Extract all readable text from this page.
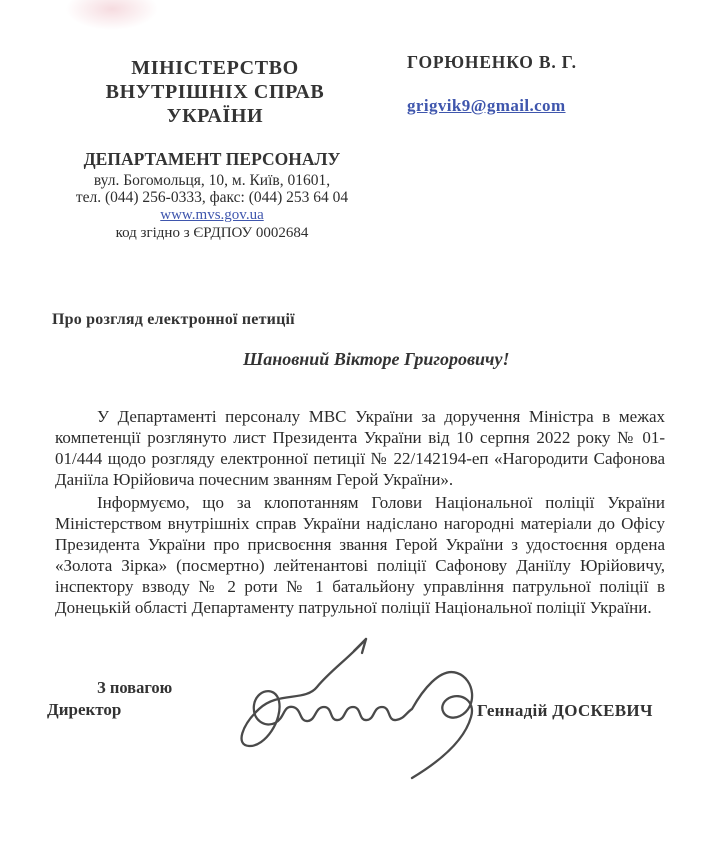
МІНІСТЕРСТВО
ВНУТРІШНІХ СПРАВ
УКРАЇНИ
ГОРЮНЕНКО В. Г.
grigvik9@gmail.com
ДЕПАРТАМЕНТ ПЕРСОНАЛУ
вул. Богомольця, 10, м. Київ, 01601,
тел. (044) 256-0333, факс: (044) 253 64 04
www.mvs.gov.ua
код згідно з ЄРДПОУ 0002684
Про розгляд електронної петиції
Шановний Вікторе Григоровичу!

У Департаменті персоналу МВС України за доручення Міністра в межах компетенції розглянуто лист Президента України від 10 серпня 2022 року № 01-01/444 щодо розгляду електронної петиції № 22/142194-еп «Нагородити Сафонова Даніїла Юрійовича почесним званням Герой України».

Інформуємо, що за клопотанням Голови Національної поліції України Міністерством внутрішніх справ України надіслано нагородні матеріали до Офісу Президента України про присвоєння звання Герой України з удостоєння ордена «Золота Зірка» (посмертно) лейтенантові поліції Сафонову Даніїлу Юрійовичу, інспектору взводу № 2 роти № 1 батальйону управління патрульної поліції в Донецькій області Департаменту патрульної поліції Національної поліції України.

З повагою
Директор	Геннадій ДОСКЕВИЧ
